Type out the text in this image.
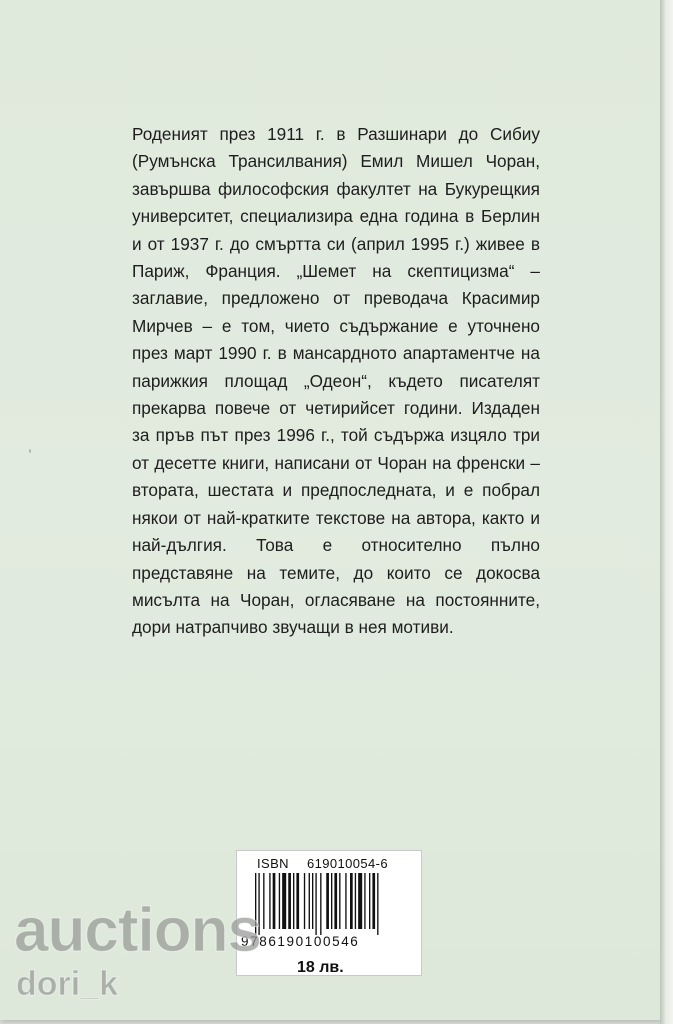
Роденият през 1911 г. в Разшинари до Сибиу (Румънска Трансилвания) Емил Мишел Чоран, завършва философския факултет на Букурещкия университет, специализира една година в Берлин и от 1937 г. до смъртта си (април 1995 г.) живее в Париж, Франция. „Шемет на скептицизма“ – заглавие, предложено от преводача Красимир Мирчев – е том, чието съдържание е уточнено през март 1990 г. в мансардното апартаментче на парижкия площад „Одеон“, където писателят прекарва повече от четирийсет години. Издаден за пръв път през 1996 г., той съдържа изцяло три от десетте книги, написани от Чоран на френски – втората, шестата и предпоследната, и е побрал някои от най-кратките текстове на автора, както и най-дългия. Това е относително пълно представяне на темите, до които се докосва мисълта на Чоран, огласяване на постоянните, дори натрапчиво звучащи в нея мотиви.

ˈ
ISBN 619010054-6
9786190100546
18 лв.
auctions
dori_k
